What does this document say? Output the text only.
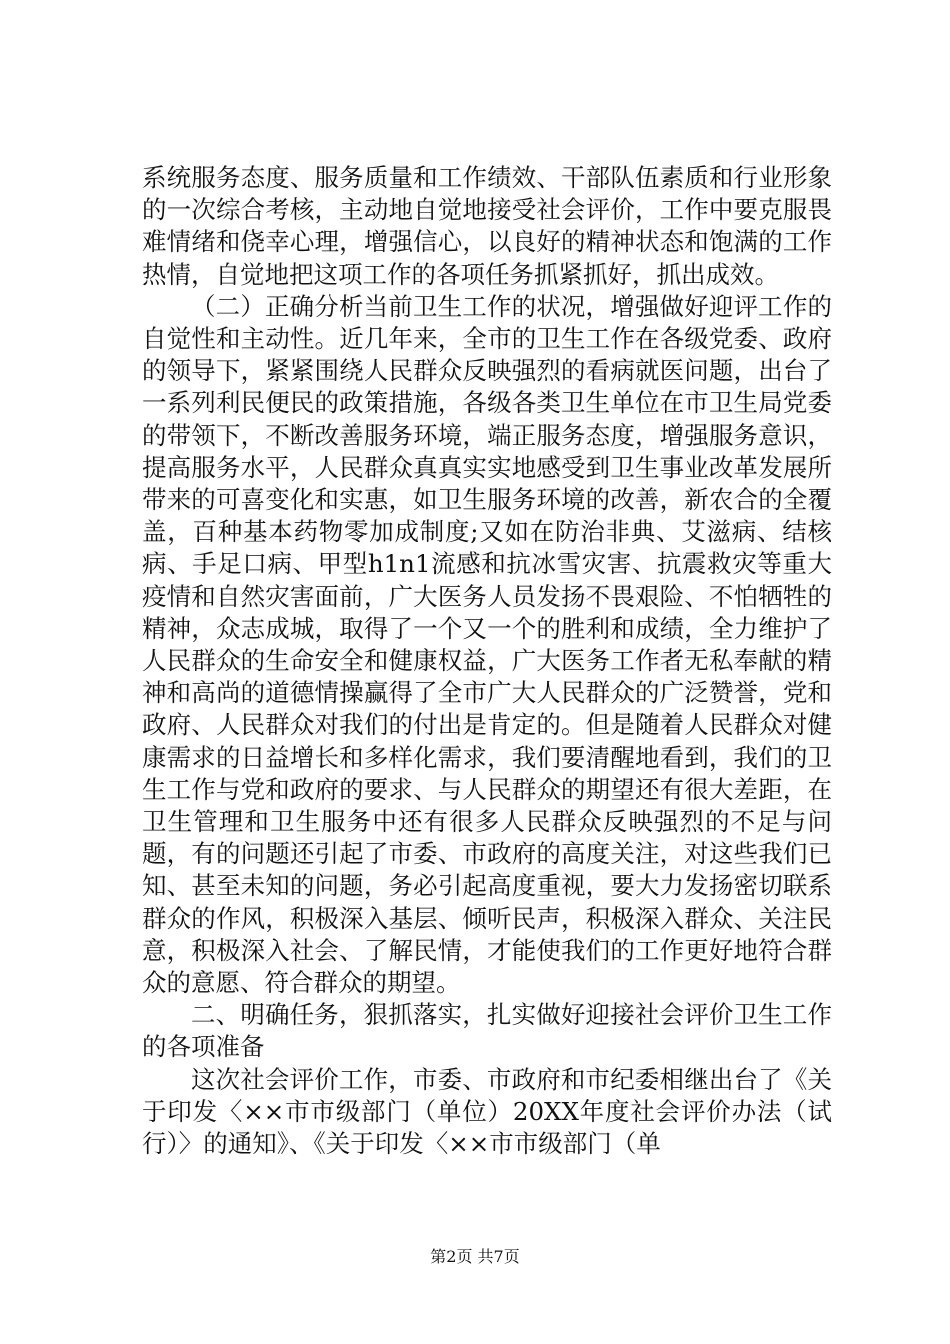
系统服务态度、服务质量和工作绩效、干部队伍素质和行业形象的一次综合考核，主动地自觉地接受社会评价，工作中要克服畏难情绪和侥幸心理，增强信心，以良好的精神状态和饱满的工作热情，自觉地把这项工作的各项任务抓紧抓好，抓出成效。

（二）正确分析当前卫生工作的状况，增强做好迎评工作的自觉性和主动性。近几年来，全市的卫生工作在各级党委、政府的领导下，紧紧围绕人民群众反映强烈的看病就医问题，出台了一系列利民便民的政策措施，各级各类卫生单位在市卫生局党委的带领下，不断改善服务环境，端正服务态度，增强服务意识，提高服务水平，人民群众真真实实地感受到卫生事业改革发展所带来的可喜变化和实惠，如卫生服务环境的改善，新农合的全覆盖，百种基本药物零加成制度;又如在防治非典、艾滋病、结核病、手足口病、甲型h1n1流感和抗冰雪灾害、抗震救灾等重大疫情和自然灾害面前，广大医务人员发扬不畏艰险、不怕牺牲的精神，众志成城，取得了一个又一个的胜利和成绩，全力维护了人民群众的生命安全和健康权益，广大医务工作者无私奉献的精神和高尚的道德情操赢得了全市广大人民群众的广泛赞誉，党和政府、人民群众对我们的付出是肯定的。但是随着人民群众对健康需求的日益增长和多样化需求，我们要清醒地看到，我们的卫生工作与党和政府的要求、与人民群众的期望还有很大差距，在卫生管理和卫生服务中还有很多人民群众反映强烈的不足与问题，有的问题还引起了市委、市政府的高度关注，对这些我们已知、甚至未知的问题，务必引起高度重视，要大力发扬密切联系群众的作风，积极深入基层、倾听民声，积极深入群众、关注民意，积极深入社会、了解民情，才能使我们的工作更好地符合群众的意愿、符合群众的期望。

二、明确任务，狠抓落实，扎实做好迎接社会评价卫生工作的各项准备

这次社会评价工作，市委、市政府和市纪委相继出台了《关于印发〈××市市级部门（单位）20XX年度社会评价办法（试行）〉的通知》、《关于印发〈××市市级部门（单

第2页 共7页
